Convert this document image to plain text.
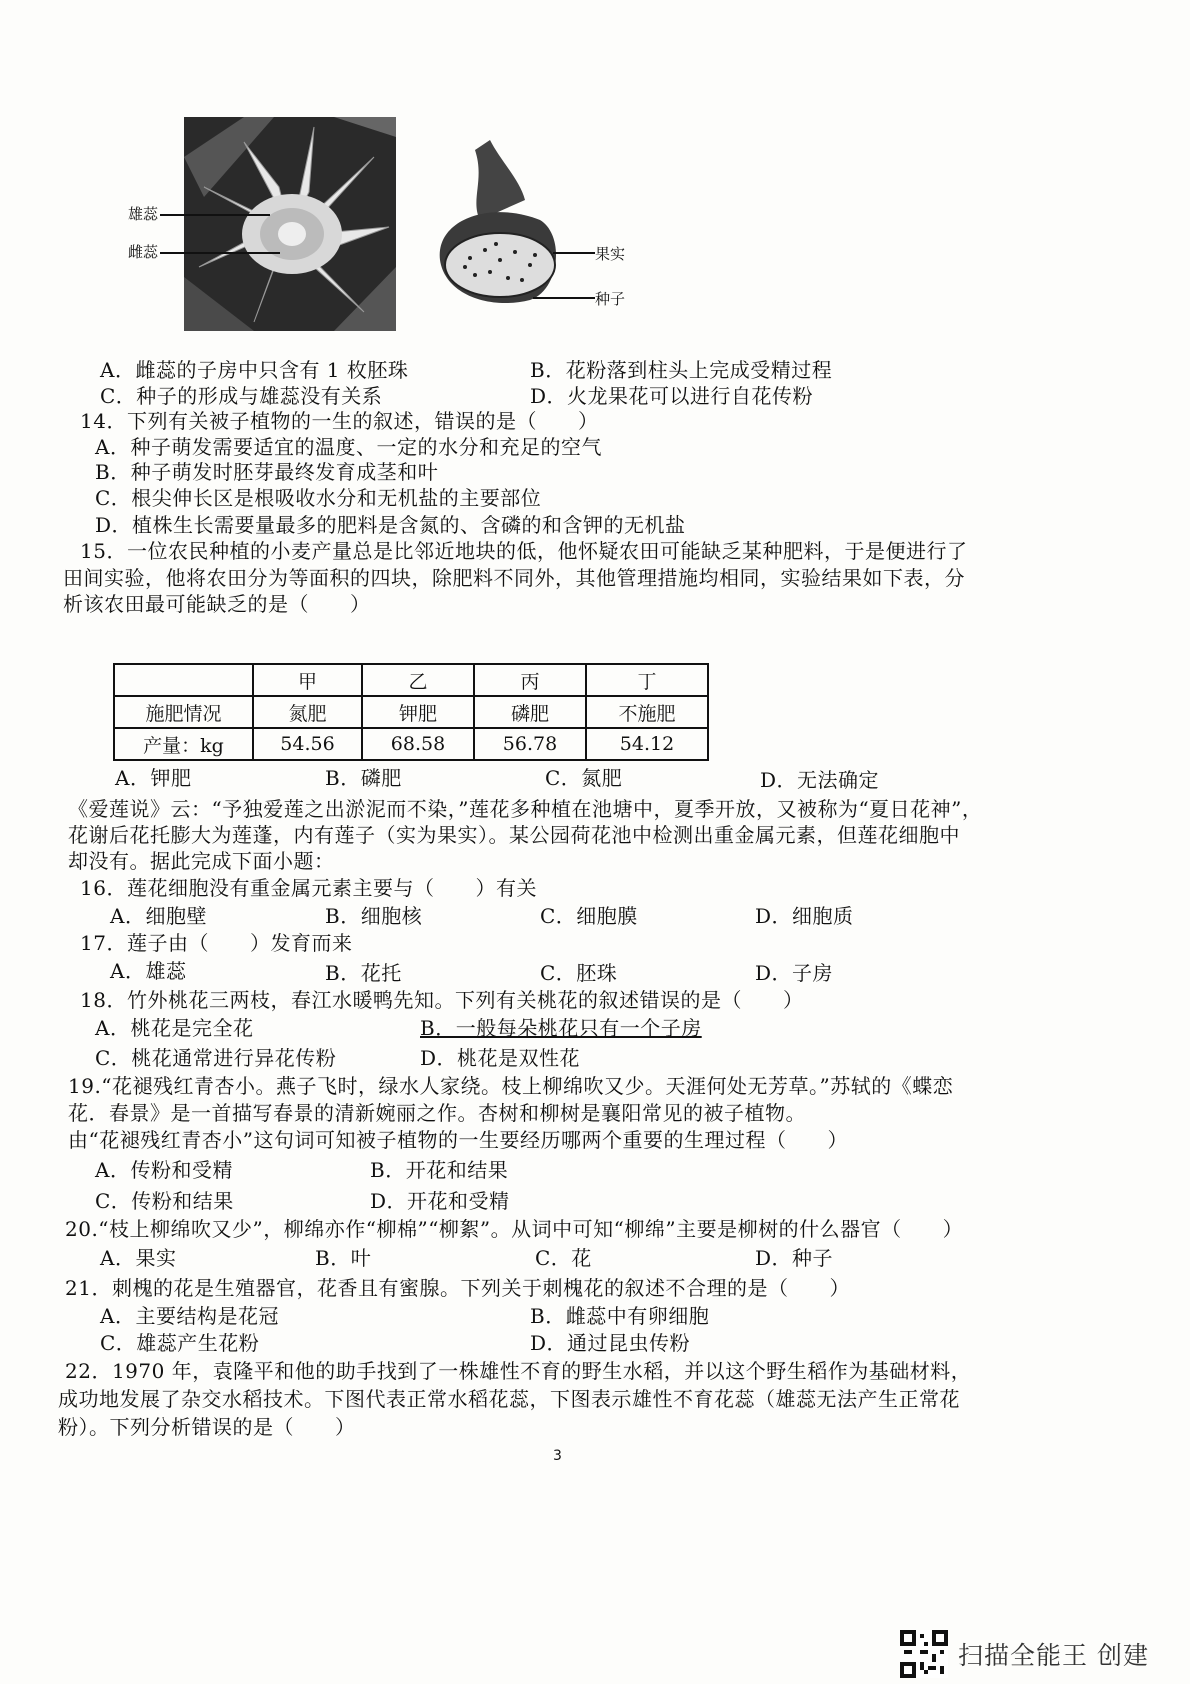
雄蕊
雌蕊	果实
种子
A．雌蕊的子房中只含有 1 枚胚珠	B．花粉落到柱头上完成受精过程
C．种子的形成与雄蕊没有关系	D．火龙果花可以进行自花传粉
14．下列有关被子植物的一生的叙述，错误的是（　　）
A．种子萌发需要适宜的温度、一定的水分和充足的空气
B．种子萌发时胚芽最终发育成茎和叶
C．根尖伸长区是根吸收水分和无机盐的主要部位
D．植株生长需要量最多的肥料是含氮的、含磷的和含钾的无机盐
15．一位农民种植的小麦产量总是比邻近地块的低，他怀疑农田可能缺乏某种肥料，于是便进行了
田间实验，他将农田分为等面积的四块，除肥料不同外，其他管理措施均相同，实验结果如下表，分
析该农田最可能缺乏的是（　　）
	甲	乙	丙	丁
施肥情况	氮肥	钾肥	磷肥	不施肥
产量：kg	54.56	68.58	56.78	54.12
A．钾肥	B．磷肥	C．氮肥	D．无法确定
《爱莲说》云：“予独爱莲之出淤泥而不染，”莲花多种植在池塘中，夏季开放，又被称为“夏日花神”，
花谢后花托膨大为莲蓬，内有莲子（实为果实）。某公园荷花池中检测出重金属元素，但莲花细胞中
却没有。据此完成下面小题：
16．莲花细胞没有重金属元素主要与（　　）有关
A．细胞壁	B．细胞核	C．细胞膜	D．细胞质
17．莲子由（　　）发育而来
A．雄蕊	B．花托	C．胚珠	D．子房
18．竹外桃花三两枝，春江水暖鸭先知。下列有关桃花的叙述错误的是（　　）
A．桃花是完全花	B．一般每朵桃花只有一个子房
C．桃花通常进行异花传粉	D．桃花是双性花
19.“花褪残红青杏小。燕子飞时，绿水人家绕。枝上柳绵吹又少。天涯何处无芳草。”苏轼的《蝶恋
花．春景》是一首描写春景的清新婉丽之作。杏树和柳树是襄阳常见的被子植物。
由“花褪残红青杏小”这句词可知被子植物的一生要经历哪两个重要的生理过程（　　）
A．传粉和受精	B．开花和结果
C．传粉和结果	D．开花和受精
20.“枝上柳绵吹又少”，柳绵亦作“柳棉”“柳絮”。从词中可知“柳绵”主要是柳树的什么器官（　　）
A．果实	B．叶	C．花	D．种子
21．刺槐的花是生殖器官，花香且有蜜腺。下列关于刺槐花的叙述不合理的是（　　）
A．主要结构是花冠	B．雌蕊中有卵细胞
C．雄蕊产生花粉	D．通过昆虫传粉
22．1970 年，袁隆平和他的助手找到了一株雄性不育的野生水稻，并以这个野生稻作为基础材料，
成功地发展了杂交水稻技术。下图代表正常水稻花蕊，下图表示雄性不育花蕊（雄蕊无法产生正常花
粉）。下列分析错误的是（　　）
3
扫描全能王 创建
